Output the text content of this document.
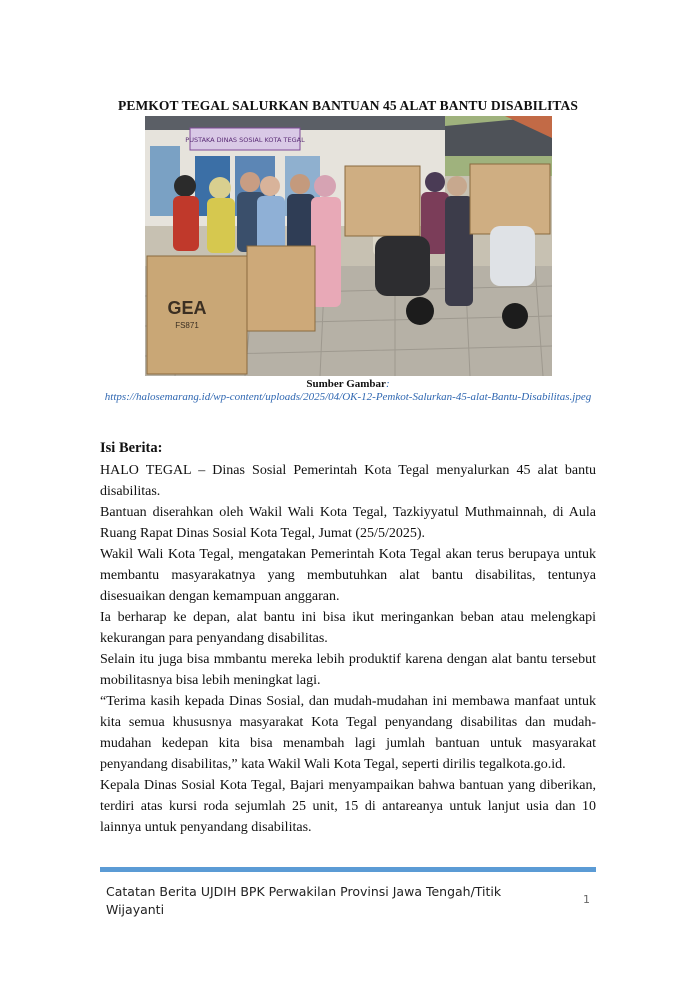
PEMKOT TEGAL SALURKAN BANTUAN 45 ALAT BANTU DISABILITAS
PUSTAKA DINAS SOSIAL KOTA TEGAL
GEA
FS871
Sumber Gambar:
https://halosemarang.id/wp-content/uploads/2025/04/OK-12-Pemkot-Salurkan-45-alat-Bantu-Disabilitas.jpeg
Isi Berita:

HALO TEGAL – Dinas Sosial Pemerintah Kota Tegal menyalurkan 45 alat bantu disabilitas.

Bantuan diserahkan oleh Wakil Wali Kota Tegal, Tazkiyyatul Muthmainnah, di Aula Ruang Rapat Dinas Sosial Kota Tegal, Jumat (25/5/2025).

Wakil Wali Kota Tegal, mengatakan Pemerintah Kota Tegal akan terus berupaya untuk membantu masyarakatnya yang membutuhkan alat bantu disabilitas, tentunya disesuaikan dengan kemampuan anggaran.

Ia berharap ke depan, alat bantu ini bisa ikut meringankan beban atau melengkapi kekurangan para penyandang disabilitas.

Selain itu juga bisa mmbantu mereka lebih produktif karena dengan alat bantu tersebut mobilitasnya bisa lebih meningkat lagi.

“Terima kasih kepada Dinas Sosial, dan mudah-mudahan ini membawa manfaat untuk kita semua khususnya masyarakat Kota Tegal penyandang disabilitas dan mudah-mudahan kedepan kita bisa menambah lagi jumlah bantuan untuk masyarakat penyandang disabilitas,” kata Wakil Wali Kota Tegal, seperti dirilis tegalkota.go.id.

Kepala Dinas Sosial Kota Tegal, Bajari menyampaikan bahwa bantuan yang diberikan, terdiri atas kursi roda sejumlah 25 unit, 15 di antareanya untuk lanjut usia dan 10 lainnya untuk penyandang disabilitas.

Catatan Berita UJDIH BPK Perwakilan Provinsi Jawa Tengah/Titik Wijayanti
1
